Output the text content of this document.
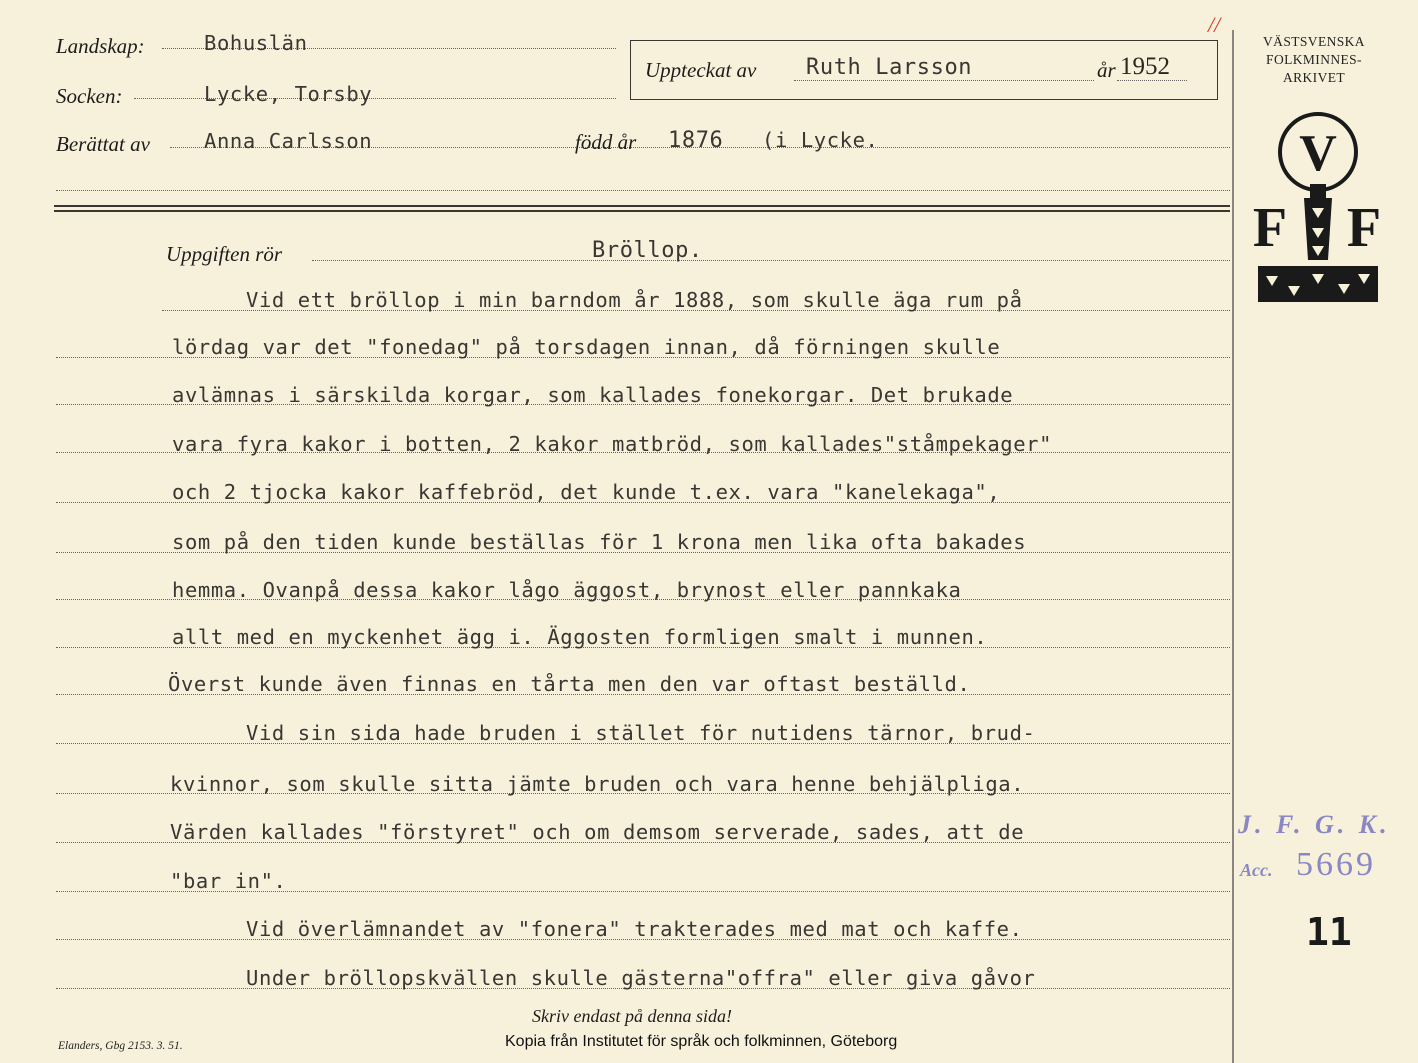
Landskap:	Bohuslän
Socken:	Lycke, Torsby
Berättat av	Anna Carlsson	född år 1876 (i Lycke.
Uppteckat av Ruth Larsson	år 1952
//
VÄSTSVENSKA
FOLKMINNES-
ARKIVET
V
F F
Uppgiften rör	Bröllop.
Vid ett bröllop i min barndom år 1888, som skulle äga rum på
lördag var det "fonedag" på torsdagen innan, då förningen skulle
avlämnas i särskilda korgar, som kallades fonekorgar. Det brukade
vara fyra kakor i botten, 2 kakor matbröd, som kallades"ståmpekager"
och 2 tjocka kakor kaffebröd, det kunde t.ex. vara "kanelekaga",
som på den tiden kunde beställas för 1 krona men lika ofta bakades
hemma. Ovanpå dessa kakor lågo äggost, brynost eller pannkaka
allt med en myckenhet ägg i. Äggosten formligen smalt i munnen.
Överst kunde även finnas en tårta men den var oftast beställd.
Vid sin sida hade bruden i stället för nutidens tärnor, brud-
kvinnor, som skulle sitta jämte bruden och vara henne behjälpliga.
Värden kallades "förstyret" och om demsom serverade, sades, att de
"bar in".
Vid överlämnandet av "fonera" trakterades med mat och kaffe.
Under bröllopskvällen skulle gästerna"offra" eller giva gåvor
J. F. G. K.
Acc. 5669
11
Skriv endast på denna sida!
Elanders, Gbg 2153. 3. 51.	Kopia från Institutet för språk och folkminnen, Göteborg
